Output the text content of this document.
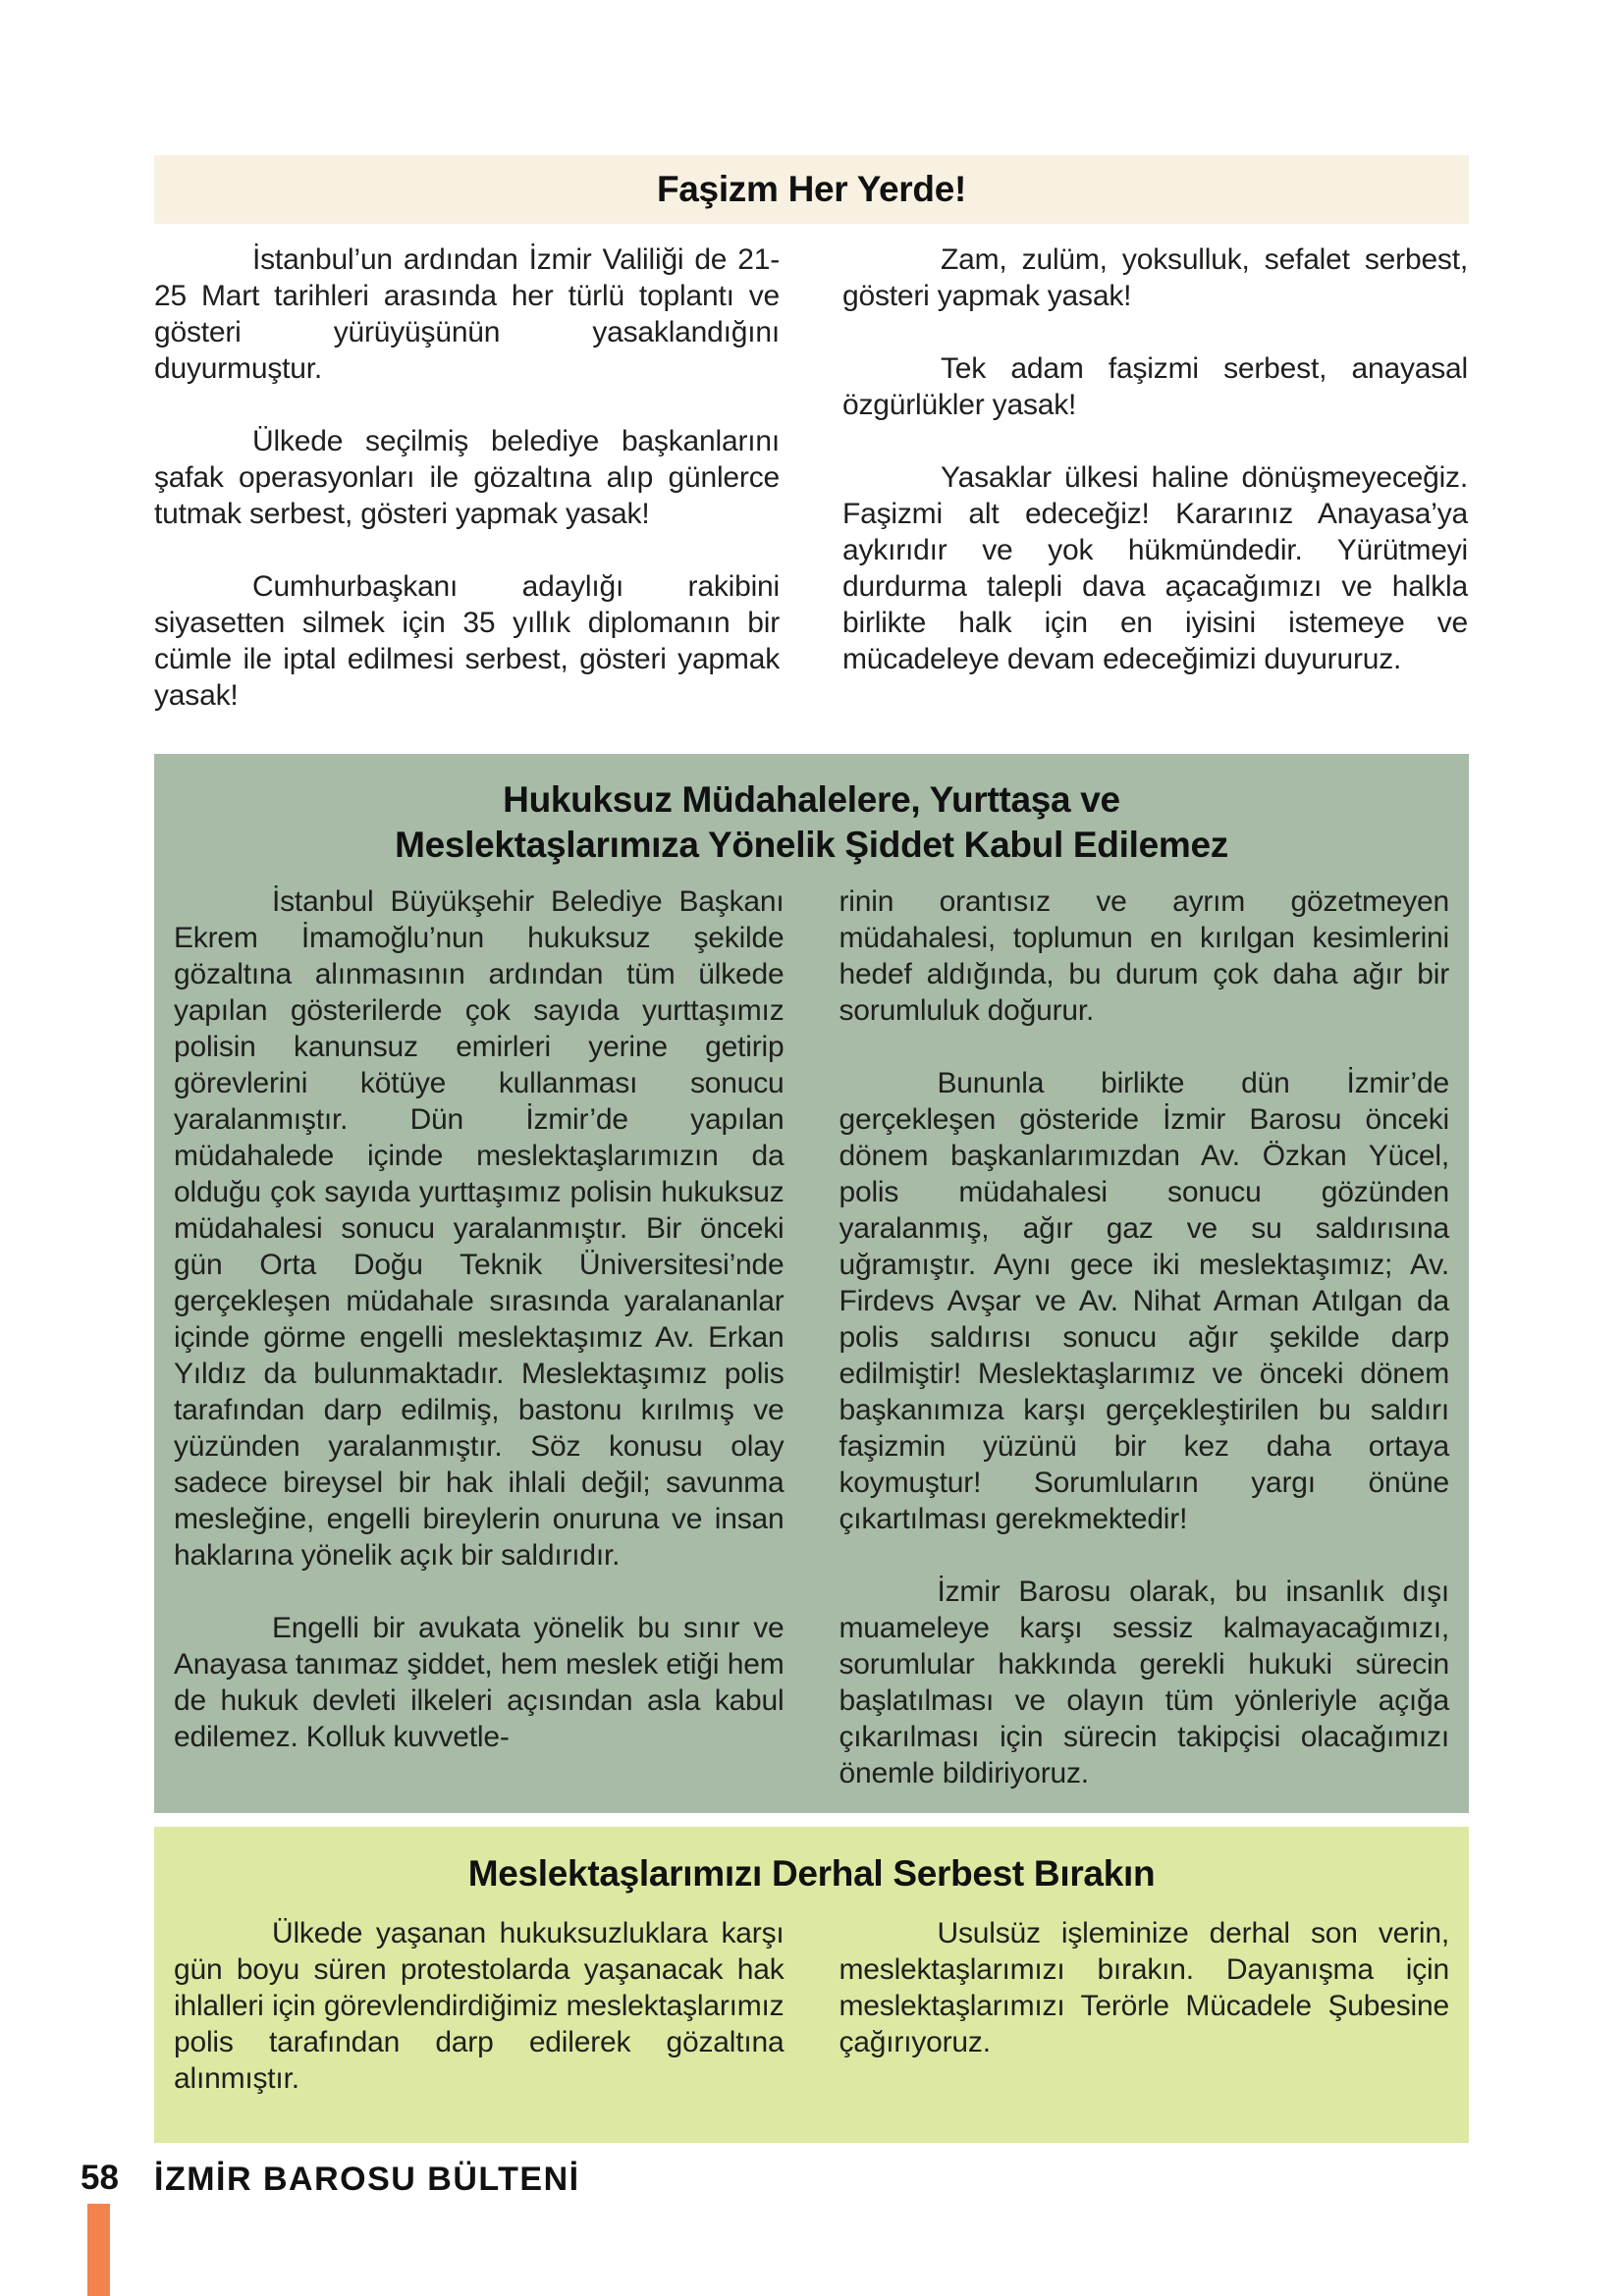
Faşizm Her Yerde!

İstanbul’un ardından İzmir Valiliği de 21-25 Mart tarihleri arasında her türlü toplantı ve gösteri yürüyüşünün yasaklandığını duyurmuştur.

Ülkede seçilmiş belediye başkanlarını şafak operasyonları ile gözaltına alıp günlerce tutmak serbest, gösteri yapmak yasak!

Cumhurbaşkanı adaylığı rakibini siyasetten silmek için 35 yıllık diplomanın bir cümle ile iptal edilmesi serbest, gösteri yapmak yasak!

Zam, zulüm, yoksulluk, sefalet serbest, gösteri yapmak yasak!

Tek adam faşizmi serbest, anayasal özgürlükler yasak!

Yasaklar ülkesi haline dönüşmeyeceğiz. Faşizmi alt edeceğiz! Kararınız Anayasa’ya aykırıdır ve yok hükmündedir. Yürütmeyi durdurma talepli dava açacağımızı ve halkla birlikte halk için en iyisini istemeye ve mücadeleye devam edeceğimizi duyururuz.

Hukuksuz Müdahalelere, Yurttaşa ve
Meslektaşlarımıza Yönelik Şiddet Kabul Edilemez

İstanbul Büyükşehir Belediye Başkanı Ekrem İmamoğlu’nun hukuksuz şekilde gözaltına alınmasının ardından tüm ülkede yapılan gösterilerde çok sayıda yurttaşımız polisin kanunsuz emirleri yerine getirip görevlerini kötüye kullanması sonucu yaralanmıştır. Dün İzmir’de yapılan müdahalede içinde meslektaşlarımızın da olduğu çok sayıda yurttaşımız polisin hukuksuz müdahalesi sonucu yaralanmıştır. Bir önceki gün Orta Doğu Teknik Üniversitesi’nde gerçekleşen müdahale sırasında yaralananlar içinde görme engelli meslektaşımız Av. Erkan Yıldız da bulunmaktadır. Meslektaşımız polis tarafından darp edilmiş, bastonu kırılmış ve yüzünden yaralanmıştır. Söz konusu olay sadece bireysel bir hak ihlali değil; savunma mesleğine, engelli bireylerin onuruna ve insan haklarına yönelik açık bir saldırıdır.

Engelli bir avukata yönelik bu sınır ve Anayasa tanımaz şiddet, hem meslek etiği hem de hukuk devleti ilkeleri açısından asla kabul edilemez. Kolluk kuvvetle-

rinin orantısız ve ayrım gözetmeyen müdahalesi, toplumun en kırılgan kesimlerini hedef aldığında, bu durum çok daha ağır bir sorumluluk doğurur.

Bununla birlikte dün İzmir’de gerçekleşen gösteride İzmir Barosu önceki dönem başkanlarımızdan Av. Özkan Yücel, polis müdahalesi sonucu gözünden yaralanmış, ağır gaz ve su saldırısına uğramıştır. Aynı gece iki meslektaşımız; Av. Firdevs Avşar ve Av. Nihat Arman Atılgan da polis saldırısı sonucu ağır şekilde darp edilmiştir! Meslektaşlarımız ve önceki dönem başkanımıza karşı gerçekleştirilen bu saldırı faşizmin yüzünü bir kez daha ortaya koymuştur! Sorumluların yargı önüne çıkartılması gerekmektedir!

İzmir Barosu olarak, bu insanlık dışı muameleye karşı sessiz kalmayacağımızı, sorumlular hakkında gerekli hukuki sürecin başlatılması ve olayın tüm yönleriyle açığa çıkarılması için sürecin takipçisi olacağımızı önemle bildiriyoruz.

Meslektaşlarımızı Derhal Serbest Bırakın

Ülkede yaşanan hukuksuzluklara karşı gün boyu süren protestolarda yaşanacak hak ihlalleri için görevlendirdiğimiz meslektaşlarımız polis tarafından darp edilerek gözaltına alınmıştır.

Usulsüz işleminize derhal son verin, meslektaşlarımızı bırakın. Dayanışma için meslektaşlarımızı Terörle Mücadele Şubesine çağırıyoruz.

58 İZMİR BAROSU BÜLTENİ
